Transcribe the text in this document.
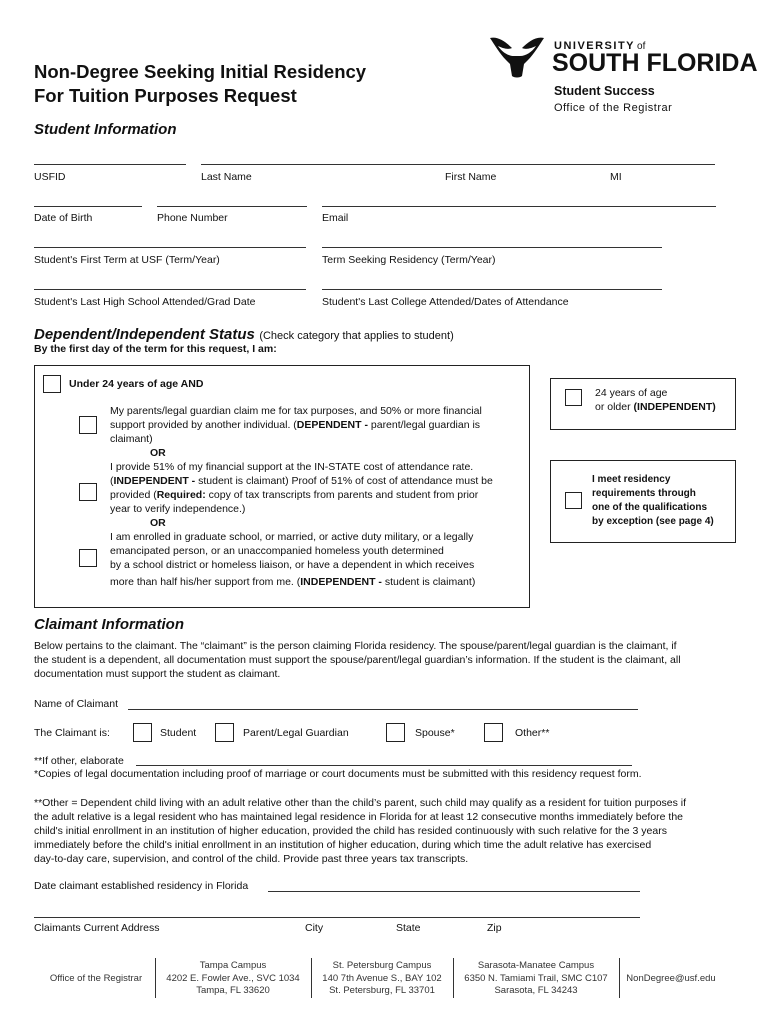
Non-Degree Seeking Initial Residency
For Tuition Purposes Request
UNIVERSITY of
SOUTH FLORIDA
Student Success
Office of the Registrar
Student Information
USFID	Last Name	First Name	MI
Date of Birth	Phone Number	Email
Student's First Term at USF (Term/Year)	Term Seeking Residency (Term/Year)
Student's Last High School Attended/Grad Date	Student's Last College Attended/Dates of Attendance
Dependent/Independent Status (Check category that applies to student)
By the first day of the term for this request, I am:
Under 24 years of age AND
My parents/legal guardian claim me for tax purposes, and 50% or more financial
support provided by another individual. (DEPENDENT - parent/legal guardian is
claimant)
OR
I provide 51% of my financial support at the IN-STATE cost of attendance rate.
(INDEPENDENT - student is claimant) Proof of 51% of cost of attendance must be
provided (Required: copy of tax transcripts from parents and student from prior
year to verify independence.)
OR
I am enrolled in graduate school, or married, or active duty military, or a legally
emancipated person, or an unaccompanied homeless youth determined
by a school district or homeless liaison, or have a dependent in which receives
more than half his/her support from me. (INDEPENDENT - student is claimant)
24 years of age
or older (INDEPENDENT)
I meet residency
requirements through
one of the qualifications
by exception (see page 4)
Claimant Information
Below pertains to the claimant. The “claimant” is the person claiming Florida residency. The spouse/parent/legal guardian is the claimant, if
the student is a dependent, all documentation must support the spouse/parent/legal guardian’s information. If the student is the claimant, all
documentation must support the student as claimant.
Name of Claimant
The Claimant is:	Student	Parent/Legal Guardian	Spouse*	Other**
**If other, elaborate
*Copies of legal documentation including proof of marriage or court documents must be submitted with this residency request form.
**Other = Dependent child living with an adult relative other than the child’s parent, such child may qualify as a resident for tuition purposes if
the adult relative is a legal resident who has maintained legal residence in Florida for at least 12 consecutive months immediately before the
child's initial enrollment in an institution of higher education, provided the child has resided continuously with such relative for the 3 years
immediately before the child's initial enrollment in an institution of higher education, during which time the adult relative has exercised
day-to-day care, supervision, and control of the child. Provide past three years tax transcripts.
Date claimant established residency in Florida
Claimants Current Address	City	State	Zip
Office of the Registrar
Tampa Campus
4202 E. Fowler Ave., SVC 1034
Tampa, FL 33620
St. Petersburg Campus
140 7th Avenue S., BAY 102
St. Petersburg, FL 33701
Sarasota-Manatee Campus
6350 N. Tamiami Trail, SMC C107
Sarasota, FL 34243
NonDegree@usf.edu
